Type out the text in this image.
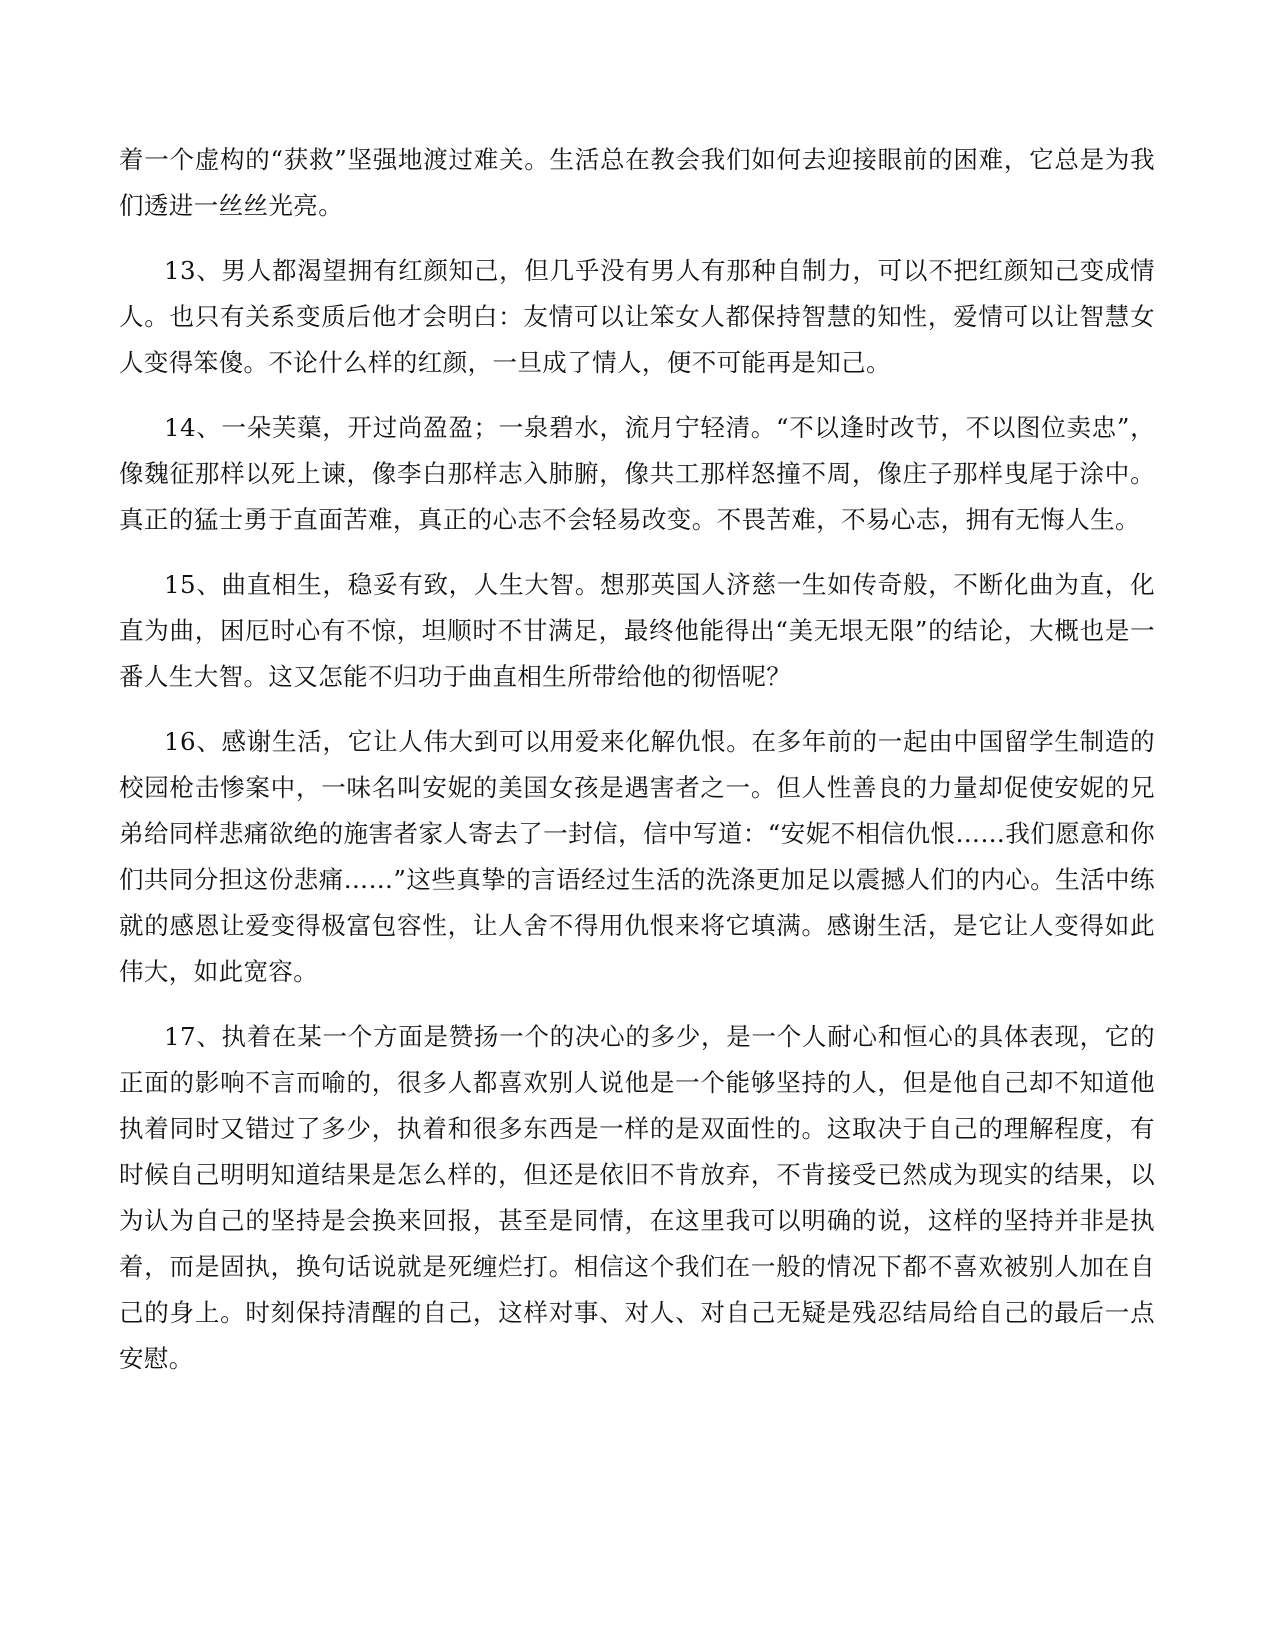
着一个虚构的“获救”坚强地渡过难关。生活总在教会我们如何去迎接眼前的困难，它总是为我们透进一丝丝光亮。

13、男人都渴望拥有红颜知己，但几乎没有男人有那种自制力，可以不把红颜知己变成情人。也只有关系变质后他才会明白：友情可以让笨女人都保持智慧的知性，爱情可以让智慧女人变得笨傻。不论什么样的红颜，一旦成了情人，便不可能再是知己。

14、一朵芙蕖，开过尚盈盈；一泉碧水，流月宁轻清。“不以逢时改节，不以图位卖忠”，像魏征那样以死上谏，像李白那样志入肺腑，像共工那样怒撞不周，像庄子那样曳尾于涂中。真正的猛士勇于直面苦难，真正的心志不会轻易改变。不畏苦难，不易心志，拥有无悔人生。

15、曲直相生，稳妥有致，人生大智。想那英国人济慈一生如传奇般，不断化曲为直，化直为曲，困厄时心有不惊，坦顺时不甘满足，最终他能得出“美无垠无限”的结论，大概也是一番人生大智。这又怎能不归功于曲直相生所带给他的彻悟呢？

16、感谢生活，它让人伟大到可以用爱来化解仇恨。在多年前的一起由中国留学生制造的校园枪击惨案中，一味名叫安妮的美国女孩是遇害者之一。但人性善良的力量却促使安妮的兄弟给同样悲痛欲绝的施害者家人寄去了一封信，信中写道：“安妮不相信仇恨……我们愿意和你们共同分担这份悲痛……”这些真挚的言语经过生活的洗涤更加足以震撼人们的内心。生活中练就的感恩让爱变得极富包容性，让人舍不得用仇恨来将它填满。感谢生活，是它让人变得如此伟大，如此宽容。

17、执着在某一个方面是赞扬一个的决心的多少，是一个人耐心和恒心的具体表现，它的正面的影响不言而喻的，很多人都喜欢别人说他是一个能够坚持的人，但是他自己却不知道他执着同时又错过了多少，执着和很多东西是一样的是双面性的。这取决于自己的理解程度，有时候自己明明知道结果是怎么样的，但还是依旧不肯放弃，不肯接受已然成为现实的结果，以为认为自己的坚持是会换来回报，甚至是同情，在这里我可以明确的说，这样的坚持并非是执着，而是固执，换句话说就是死缠烂打。相信这个我们在一般的情况下都不喜欢被别人加在自己的身上。时刻保持清醒的自己，这样对事、对人、对自己无疑是残忍结局给自己的最后一点安慰。
